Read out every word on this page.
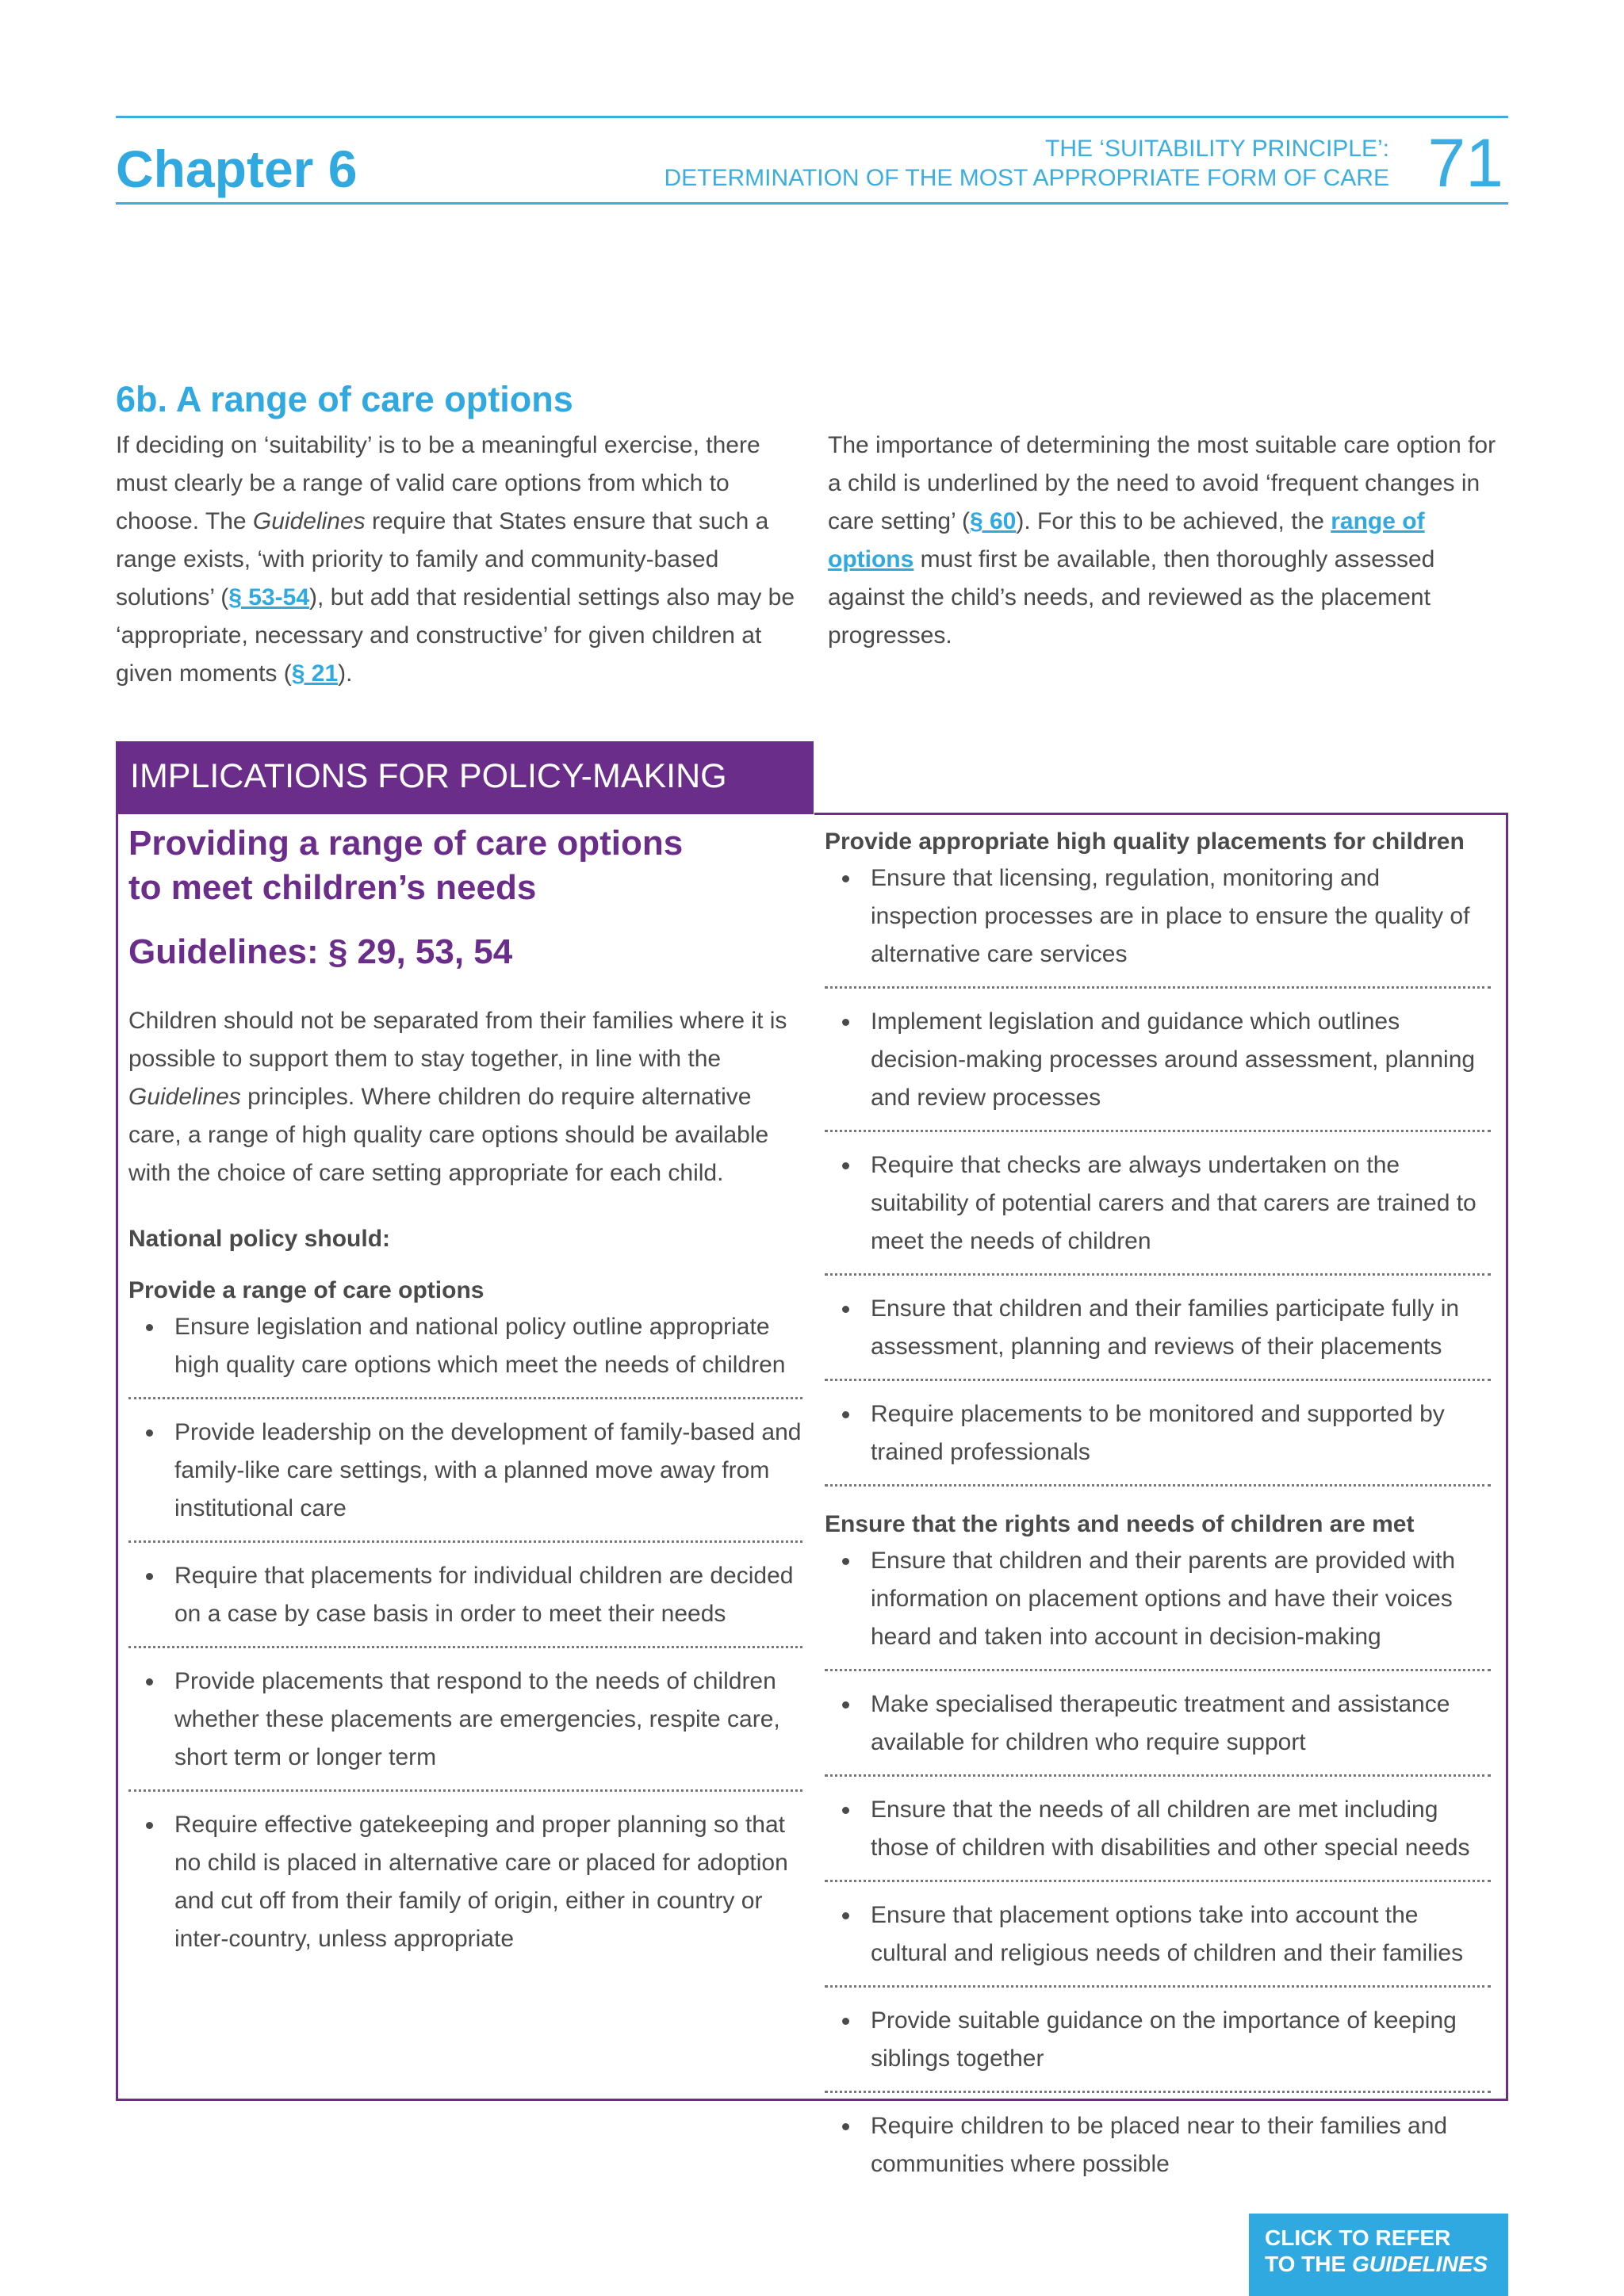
Chapter 6	THE ‘SUITABILITY PRINCIPLE’:
DETERMINATION OF THE MOST APPROPRIATE FORM OF CARE 71
6b. A range of care options
If deciding on ‘suitability’ is to be a meaningful exercise, there must clearly be a range of valid care options from which to choose. The Guidelines require that States ensure that such a range exists, ‘with priority to family and community-based solutions’ (§ 53-54), but add that residential settings also may be ‘appropriate, necessary and constructive’ for given children at given moments (§ 21).
The importance of determining the most suitable care option for a child is underlined by the need to avoid ‘frequent changes in care setting’ (§ 60). For this to be achieved, the range of options must first be available, then thoroughly assessed against the child’s needs, and reviewed as the placement progresses.
IMPLICATIONS FOR POLICY-MAKING
Providing a range of care options
to meet children’s needs
Guidelines: § 29, 53, 54
Children should not be separated from their families where it is possible to support them to stay together, in line with the Guidelines principles. Where children do require alternative care, a range of high quality care options should be available with the choice of care setting appropriate for each child.
National policy should:
Provide a range of care options
Ensure legislation and national policy outline appropriate high quality care options which meet the needs of children
Provide leadership on the development of family-based and family-like care settings, with a planned move away from institutional care
Require that placements for individual children are decided on a case by case basis in order to meet their needs
Provide placements that respond to the needs of children whether these placements are emergencies, respite care, short term or longer term
Require effective gatekeeping and proper planning so that no child is placed in alternative care or placed for adoption and cut off from their family of origin, either in country or inter-country, unless appropriate
Provide appropriate high quality placements for children
Ensure that licensing, regulation, monitoring and inspection processes are in place to ensure the quality of alternative care services
Implement legislation and guidance which outlines decision-making processes around assessment, planning and review processes
Require that checks are always undertaken on the suitability of potential carers and that carers are trained to meet the needs of children
Ensure that children and their families participate fully in assessment, planning and reviews of their placements
Require placements to be monitored and supported by trained professionals
Ensure that the rights and needs of children are met
Ensure that children and their parents are provided with information on placement options and have their voices heard and taken into account in decision-making
Make specialised therapeutic treatment and assistance available for children who require support
Ensure that the needs of all children are met including those of children with disabilities and other special needs
Ensure that placement options take into account the cultural and religious needs of children and their families
Provide suitable guidance on the importance of keeping siblings together
Require children to be placed near to their families and communities where possible
CLICK TO REFER
TO THE GUIDELINES
